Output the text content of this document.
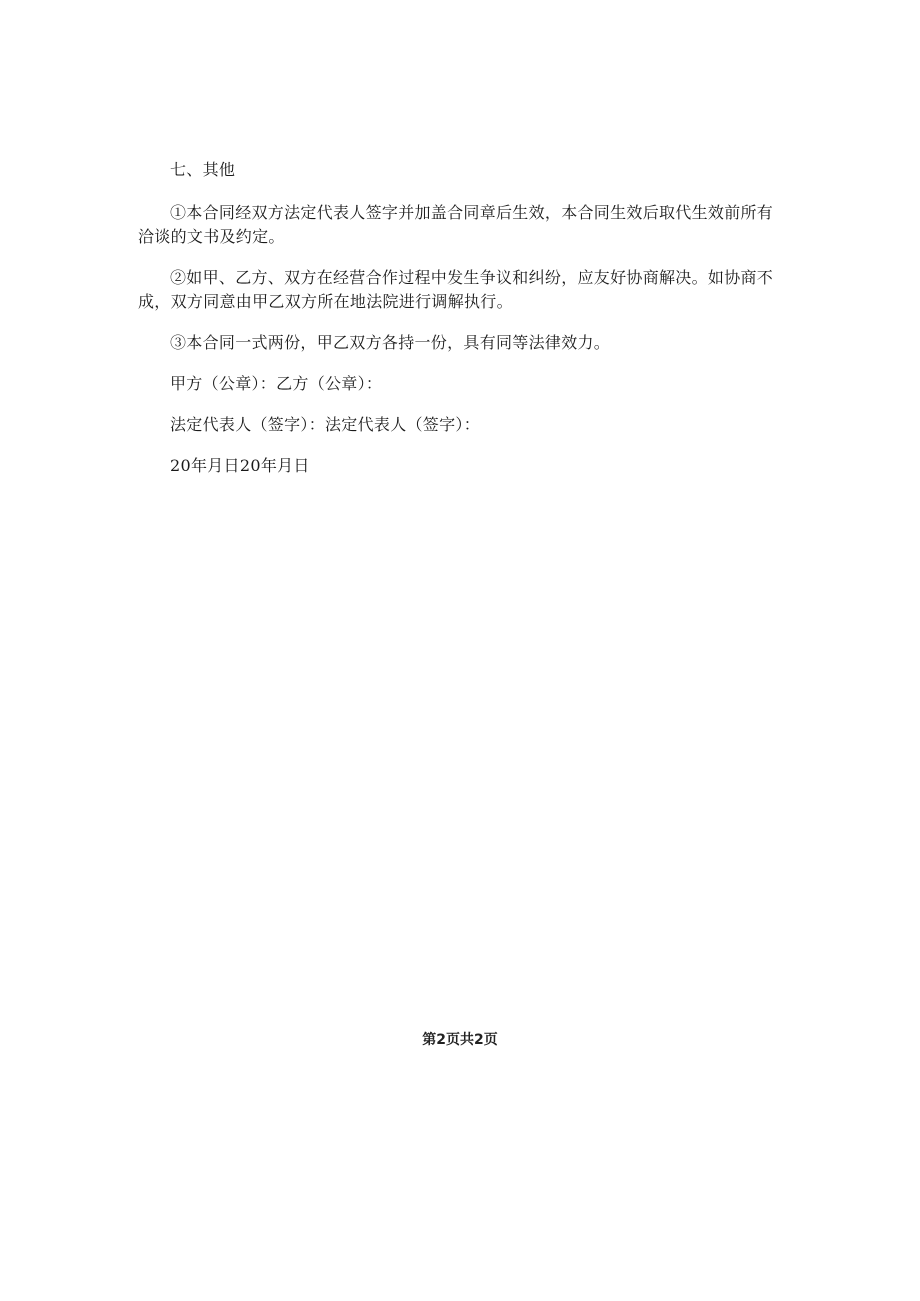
七、其他

①本合同经双方法定代表人签字并加盖合同章后生效，本合同生效后取代生效前所有洽谈的文书及约定。

②如甲、乙方、双方在经营合作过程中发生争议和纠纷，应友好协商解决。如协商不成，双方同意由甲乙双方所在地法院进行调解执行。

③本合同一式两份，甲乙双方各持一份，具有同等法律效力。

甲方（公章）：乙方（公章）：

法定代表人（签字）：法定代表人（签字）：

20年月日20年月日

第2页共2页
